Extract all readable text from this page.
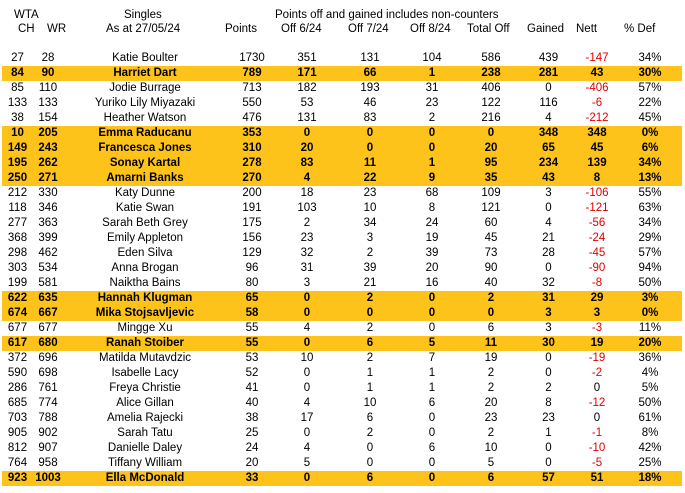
WTA
CH WR
Singles
As at 27/05/24
Points off and gained includes non-counters
Points Off 6/24 Off 7/24 Off 8/24 Total Off Gained Nett % Def
27	28	Katie Boulter	1730	351	131	104	586	439	-147	34%
84	90	Harriet Dart	789	171	66	1	238	281	43	30%
85	110	Jodie Burrage	713	182	193	31	406	0	-406	57%
133	133	Yuriko Lily Miyazaki	550	53	46	23	122	116	-6	22%
38	154	Heather Watson	476	131	83	2	216	4	-212	45%
10	205	Emma Raducanu	353	0	0	0	0	348	348	0%
149	243	Francesca Jones	310	20	0	0	20	65	45	6%
195	262	Sonay Kartal	278	83	11	1	95	234	139	34%
250	271	Amarni Banks	270	4	22	9	35	43	8	13%
212	330	Katy Dunne	200	18	23	68	109	3	-106	55%
118	346	Katie Swan	191	103	10	8	121	0	-121	63%
277	363	Sarah Beth Grey	175	2	34	24	60	4	-56	34%
368	399	Emily Appleton	156	23	3	19	45	21	-24	29%
298	462	Eden Silva	129	32	2	39	73	28	-45	57%
303	534	Anna Brogan	96	31	39	20	90	0	-90	94%
199	581	Naiktha Bains	80	3	21	16	40	32	-8	50%
622	635	Hannah Klugman	65	0	2	0	2	31	29	3%
674	667	Mika Stojsavljevic	58	0	0	0	0	3	3	0%
677	677	Mingge Xu	55	4	2	0	6	3	-3	11%
617	680	Ranah Stoiber	55	0	6	5	11	30	19	20%
372	696	Matilda Mutavdzic	53	10	2	7	19	0	-19	36%
590	698	Isabelle Lacy	52	0	1	1	2	0	-2	4%
286	761	Freya Christie	41	0	1	1	2	2	0	5%
685	774	Alice Gillan	40	4	10	6	20	8	-12	50%
703	788	Amelia Rajecki	38	17	6	0	23	23	0	61%
905	902	Sarah Tatu	25	0	2	0	2	1	-1	8%
812	907	Danielle Daley	24	4	0	6	10	0	-10	42%
764	958	Tiffany William	20	5	0	0	5	0	-5	25%
923	1003	Ella McDonald	33	0	6	0	6	57	51	18%
